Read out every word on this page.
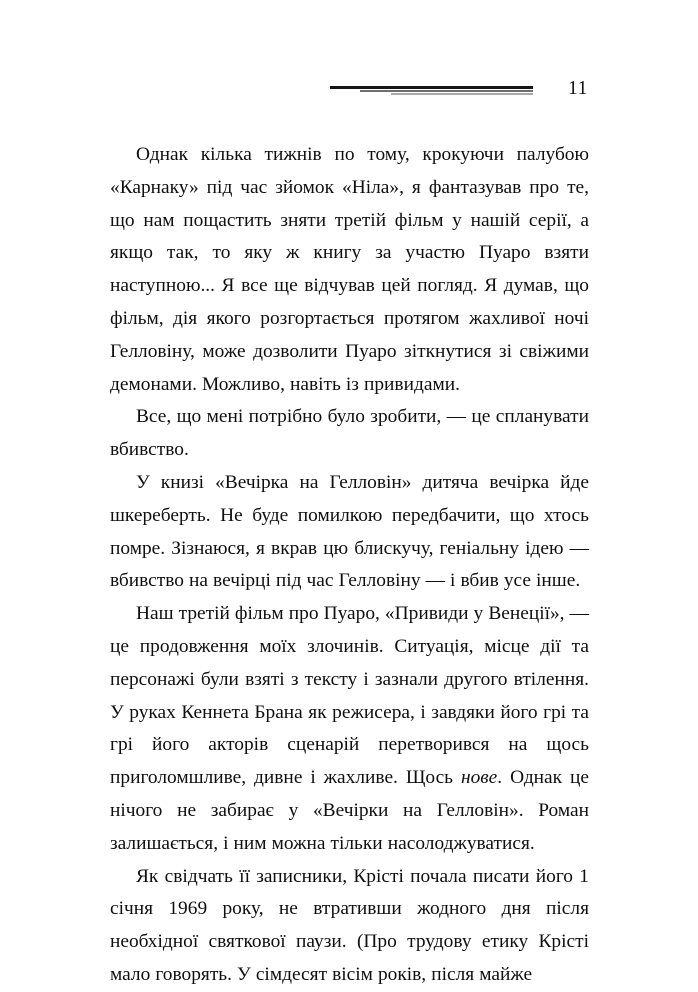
11

Однак кілька тижнів по тому, крокуючи палубою «Карнаку» під час зйомок «Ніла», я фантазував про те, що нам пощастить зняти третій фільм у нашій серії, а якщо так, то яку ж книгу за участю Пуаро взяти наступною... Я все ще відчував цей погляд. Я думав, що фільм, дія якого розгортається протягом жахливої ночі Гелловіну, може дозволити Пуаро зіткнутися зі свіжими демонами. Можливо, навіть із привидами.

Все, що мені потрібно було зробити, — це спланувати вбивство.

У книзі «Вечірка на Гелловін» дитяча вечірка йде шкереберть. Не буде помилкою передбачити, що хтось помре. Зізнаюся, я вкрав цю блискучу, геніальну ідею — вбивство на вечірці під час Гелловіну — і вбив усе інше.

Наш третій фільм про Пуаро, «Привиди у Венеції», — це продовження моїх злочинів. Ситуація, місце дії та персонажі були взяті з тексту і зазнали другого втілення. У руках Кеннета Брана як режисера, і завдяки його грі та грі його акторів сценарій перетворився на щось приголомшливе, дивне і жахливе. Щось нове. Однак це нічого не забирає у «Вечірки на Гелловін». Роман залишається, і ним можна тільки насолоджуватися.

Як свідчать її записники, Крісті почала писати його 1 січня 1969 року, не втративши жодного дня після необхідної святкової паузи. (Про трудову етику Крісті мало говорять. У сімдесят вісім років, після майже
